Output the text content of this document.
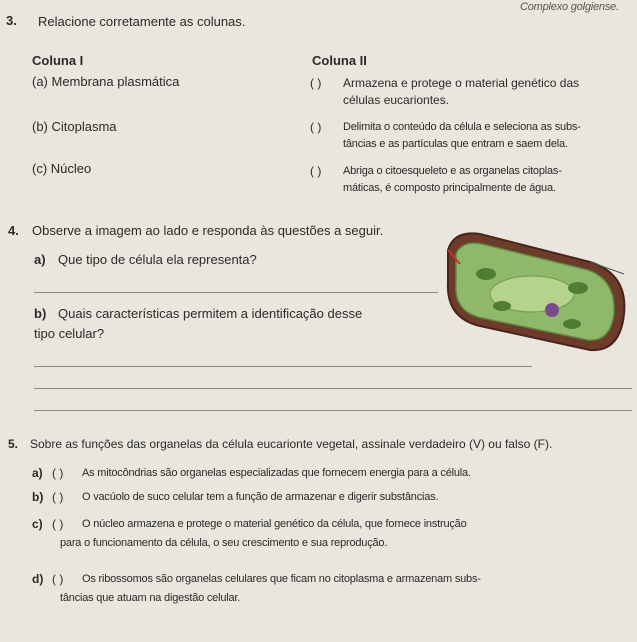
Complexo golgiense.
3. Relacione corretamente as colunas.
Coluna I	Coluna II
(a) Membrana plasmática
(b) Citoplasma
(c) Núcleo
( ) Armazena e protege o material genético das
células eucariontes.
( ) Delimita o conteúdo da célula e seleciona as subs-
tâncias e as partículas que entram e saem dela.
( ) Abriga o citoesqueleto e as organelas citoplas-
máticas, é composto principalmente de água.
4. Observe a imagem ao lado e responda às questões a seguir.
a) Que tipo de célula ela representa?
b) Quais características permitem a identificação desse
tipo celular?
5. Sobre as funções das organelas da célula eucarionte vegetal, assinale verdadeiro (V) ou falso (F).
a) ( ) As mitocôndrias são organelas especializadas que fornecem energia para a célula.
b) ( ) O vacúolo de suco celular tem a função de armazenar e digerir substâncias.
c) ( ) O núcleo armazena e protege o material genético da célula, que fornece instrução
para o funcionamento da célula, o seu crescimento e sua reprodução.
d) ( ) Os ribossomos são organelas celulares que ficam no citoplasma e armazenam subs-
tâncias que atuam na digestão celular.
